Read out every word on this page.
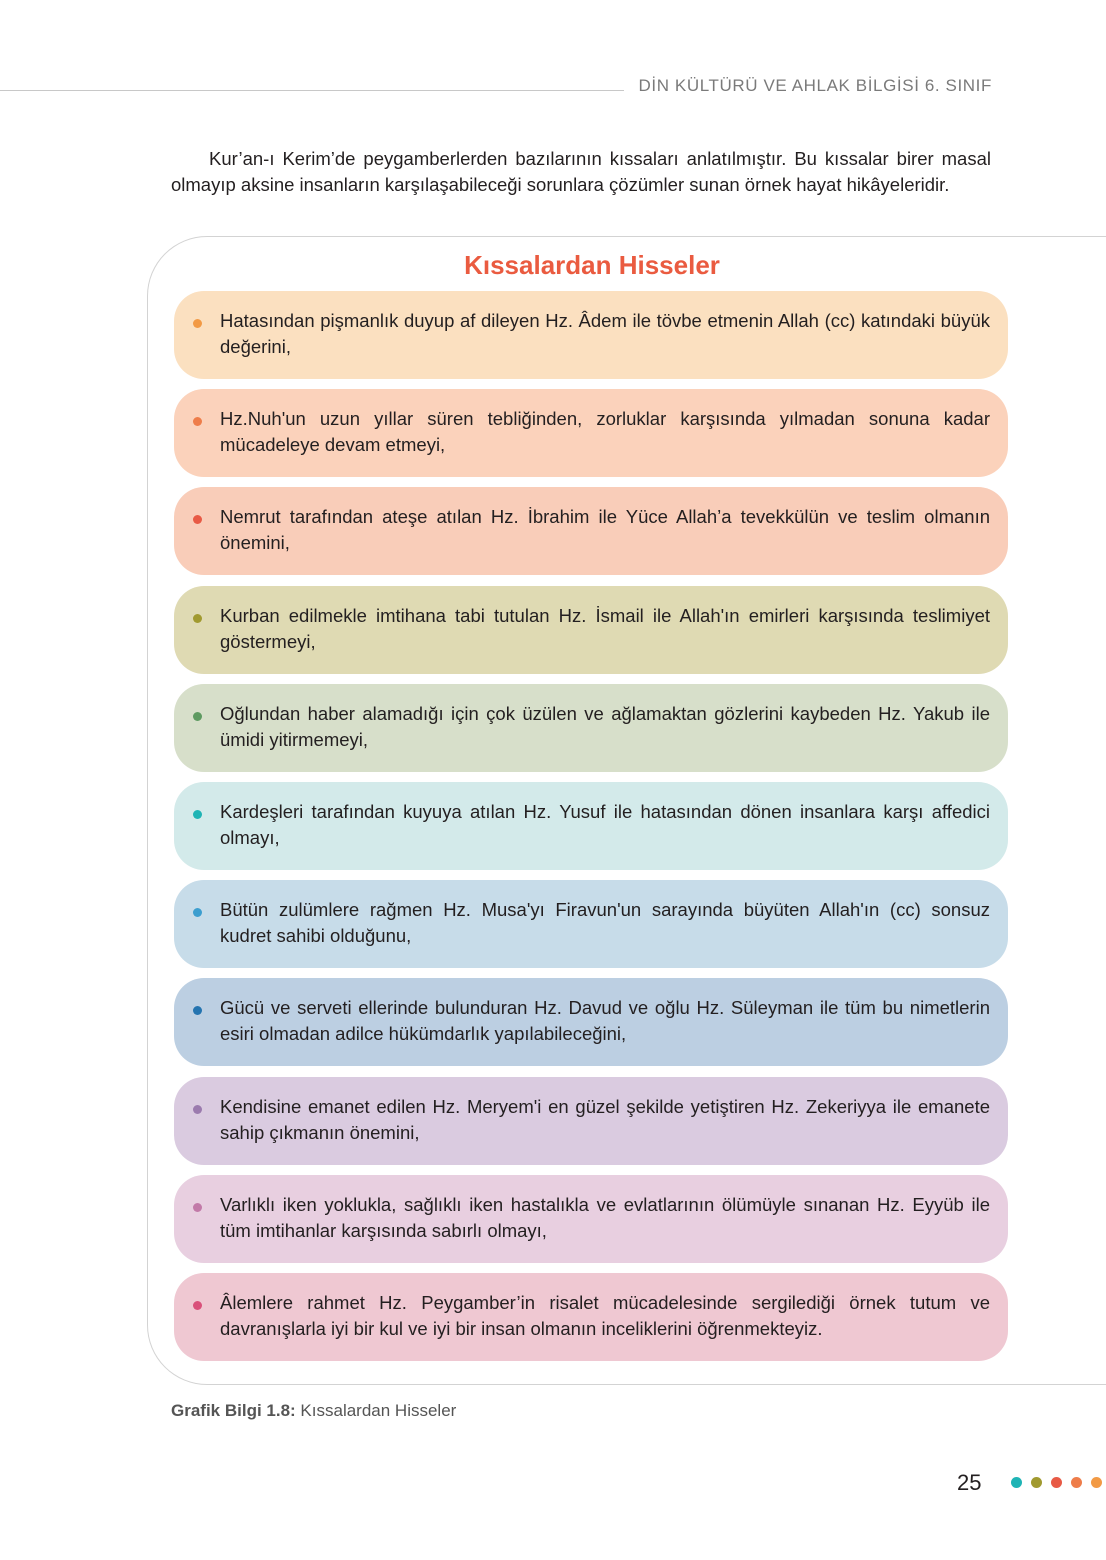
DİN KÜLTÜRÜ VE AHLAK BİLGİSİ 6. SINIF
Kur’an-ı Kerim’de peygamberlerden bazılarının kıssaları anlatılmıştır. Bu kıssalar birer masal olmayıp aksine insanların karşılaşabileceği sorunlara çözümler sunan örnek hayat hikâyeleridir.
Kıssalardan Hisseler
Hatasından pişmanlık duyup af dileyen Hz. Âdem ile tövbe etmenin Allah (cc) katındaki büyük değerini,
Hz.Nuh'un uzun yıllar süren tebliğinden, zorluklar karşısında yılmadan sonuna kadar mücadeleye devam etmeyi,
Nemrut tarafından ateşe atılan Hz. İbrahim ile Yüce Allah’a tevekkülün ve teslim olmanın önemini,
Kurban edilmekle imtihana tabi tutulan Hz. İsmail ile Allah'ın emirleri karşısında teslimiyet göstermeyi,
Oğlundan haber alamadığı için çok üzülen ve ağlamaktan gözlerini kaybeden Hz. Yakub ile ümidi yitirmemeyi,
Kardeşleri tarafından kuyuya atılan Hz. Yusuf ile hatasından dönen insanlara karşı affedici olmayı,
Bütün zulümlere rağmen Hz. Musa'yı Firavun'un sarayında büyüten Allah'ın (cc) sonsuz kudret sahibi olduğunu,
Gücü ve serveti ellerinde bulunduran Hz. Davud ve oğlu Hz. Süleyman ile tüm bu nimetlerin esiri olmadan adilce hükümdarlık yapılabileceğini,
Kendisine emanet edilen Hz. Meryem'i en güzel şekilde yetiştiren Hz. Zekeriyya ile emanete sahip çıkmanın önemini,
Varlıklı iken yoklukla, sağlıklı iken hastalıkla ve evlatlarının ölümüyle sınanan Hz. Eyyüb ile tüm imtihanlar karşısında sabırlı olmayı,
Âlemlere rahmet Hz. Peygamber’in risalet mücadelesinde sergilediği örnek tutum ve davranışlarla iyi bir kul ve iyi bir insan olmanın inceliklerini öğrenmekteyiz.
Grafik Bilgi 1.8: Kıssalardan Hisseler
25
